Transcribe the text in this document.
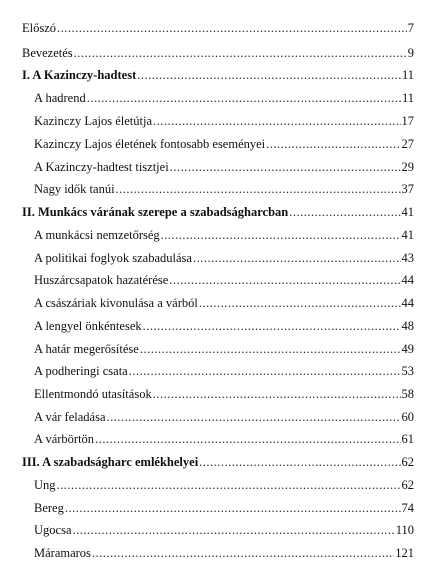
Előszó .....	7
Bevezetés .....	9
I. A Kazinczy-hadtest .....	11
A hadrend .....	11
Kazinczy Lajos életútja .....	17
Kazinczy Lajos életének fontosabb eseményei .....	27
A Kazinczy-hadtest tisztjei .....	29
Nagy idők tanúi .....	37
II. Munkács várának szerepe a szabadságharcban .....	41
A munkácsi nemzetőrség .....	41
A politikai foglyok szabadulása .....	43
Huszárcsapatok hazatérése .....	44
A császáriak kivonulása a várból .....	44
A lengyel önkéntesek .....	48
A határ megerősítése .....	49
A podheringi csata .....	53
Ellentmondó utasítások .....	58
A vár feladása .....	60
A várbörtön .....	61
III. A szabadságharc emlékhelyei .....	62
Ung .....	62
Bereg .....	74
Ugocsa .....	110
Máramaros .....	121
